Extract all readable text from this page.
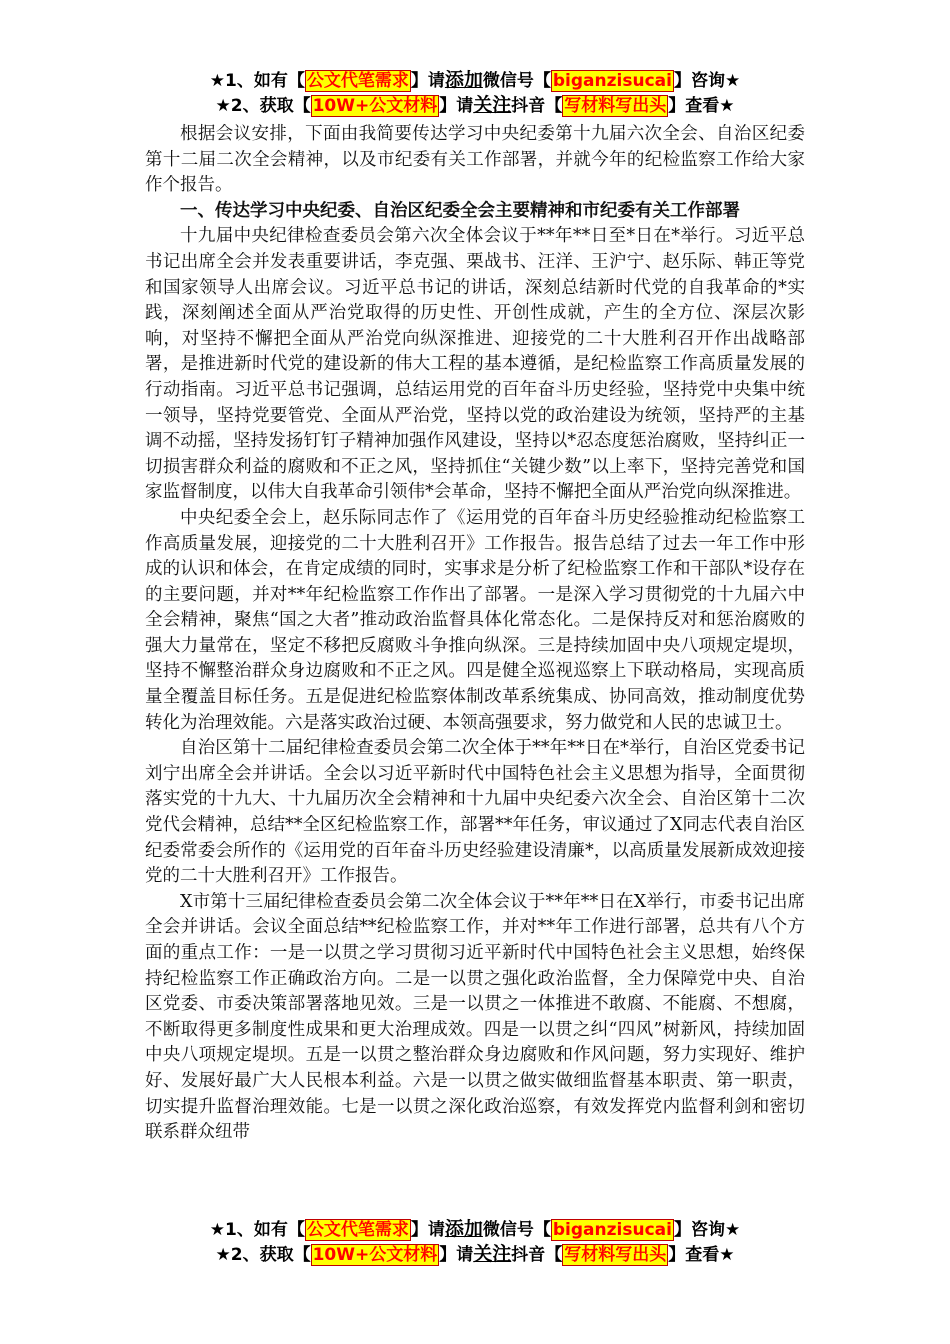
★1、如有【 公文代笔需求 】请添加微信号【 biganzisucai 】咨询★
★2、获取【 10W+公文材料 】请关注抖音【 写材料写出头 】查看★

根据会议安排，下面由我简要传达学习中央纪委第十九届六次全会、自治区纪委第十二届二次全会精神，以及市纪委有关工作部署，并就今年的纪检监察工作给大家作个报告。

一、传达学习中央纪委、自治区纪委全会主要精神和市纪委有关工作部署

十九届中央纪律检查委员会第六次全体会议于**年**日至*日在*举行。习近平总书记出席全会并发表重要讲话，李克强、栗战书、汪洋、王沪宁、赵乐际、韩正等党和国家领导人出席会议。习近平总书记的讲话，深刻总结新时代党的自我革命的*实践，深刻阐述全面从严治党取得的历史性、开创性成就，产生的全方位、深层次影响，对坚持不懈把全面从严治党向纵深推进、迎接党的二十大胜利召开作出战略部署，是推进新时代党的建设新的伟大工程的基本遵循，是纪检监察工作高质量发展的行动指南。习近平总书记强调，总结运用党的百年奋斗历史经验，坚持党中央集中统一领导，坚持党要管党、全面从严治党，坚持以党的政治建设为统领，坚持严的主基调不动摇，坚持发扬钉钉子精神加强作风建设，坚持以*忍态度惩治腐败，坚持纠正一切损害群众利益的腐败和不正之风，坚持抓住“关键少数”以上率下，坚持完善党和国家监督制度，以伟大自我革命引领伟*会革命，坚持不懈把全面从严治党向纵深推进。

中央纪委全会上，赵乐际同志作了《运用党的百年奋斗历史经验推动纪检监察工作高质量发展，迎接党的二十大胜利召开》工作报告。报告总结了过去一年工作中形成的认识和体会，在肯定成绩的同时，实事求是分析了纪检监察工作和干部队*设存在的主要问题，并对**年纪检监察工作作出了部署。一是深入学习贯彻党的十九届六中全会精神，聚焦“国之大者”推动政治监督具体化常态化。二是保持反对和惩治腐败的强大力量常在，坚定不移把反腐败斗争推向纵深。三是持续加固中央八项规定堤坝，坚持不懈整治群众身边腐败和不正之风。四是健全巡视巡察上下联动格局，实现高质量全覆盖目标任务。五是促进纪检监察体制改革系统集成、协同高效，推动制度优势转化为治理效能。六是落实政治过硬、本领高强要求，努力做党和人民的忠诚卫士。

自治区第十二届纪律检查委员会第二次全体于**年**日在*举行，自治区党委书记刘宁出席全会并讲话。全会以习近平新时代中国特色社会主义思想为指导，全面贯彻落实党的十九大、十九届历次全会精神和十九届中央纪委六次全会、自治区第十二次党代会精神，总结**全区纪检监察工作，部署**年任务，审议通过了X同志代表自治区纪委常委会所作的《运用党的百年奋斗历史经验建设清廉*，以高质量发展新成效迎接党的二十大胜利召开》工作报告。

X市第十三届纪律检查委员会第二次全体会议于**年**日在X举行，市委书记出席全会并讲话。会议全面总结**纪检监察工作，并对**年工作进行部署，总共有八个方面的重点工作：一是一以贯之学习贯彻习近平新时代中国特色社会主义思想，始终保持纪检监察工作正确政治方向。二是一以贯之强化政治监督，全力保障党中央、自治区党委、市委决策部署落地见效。三是一以贯之一体推进不敢腐、不能腐、不想腐，不断取得更多制度性成果和更大治理成效。四是一以贯之纠“四风”树新风，持续加固中央八项规定堤坝。五是一以贯之整治群众身边腐败和作风问题，努力实现好、维护好、发展好最广大人民根本利益。六是一以贯之做实做细监督基本职责、第一职责，切实提升监督治理效能。七是一以贯之深化政治巡察，有效发挥党内监督利剑和密切联系群众纽带

★1、如有【 公文代笔需求 】请添加微信号【 biganzisucai 】咨询★
★2、获取【 10W+公文材料 】请关注抖音【 写材料写出头 】查看★
